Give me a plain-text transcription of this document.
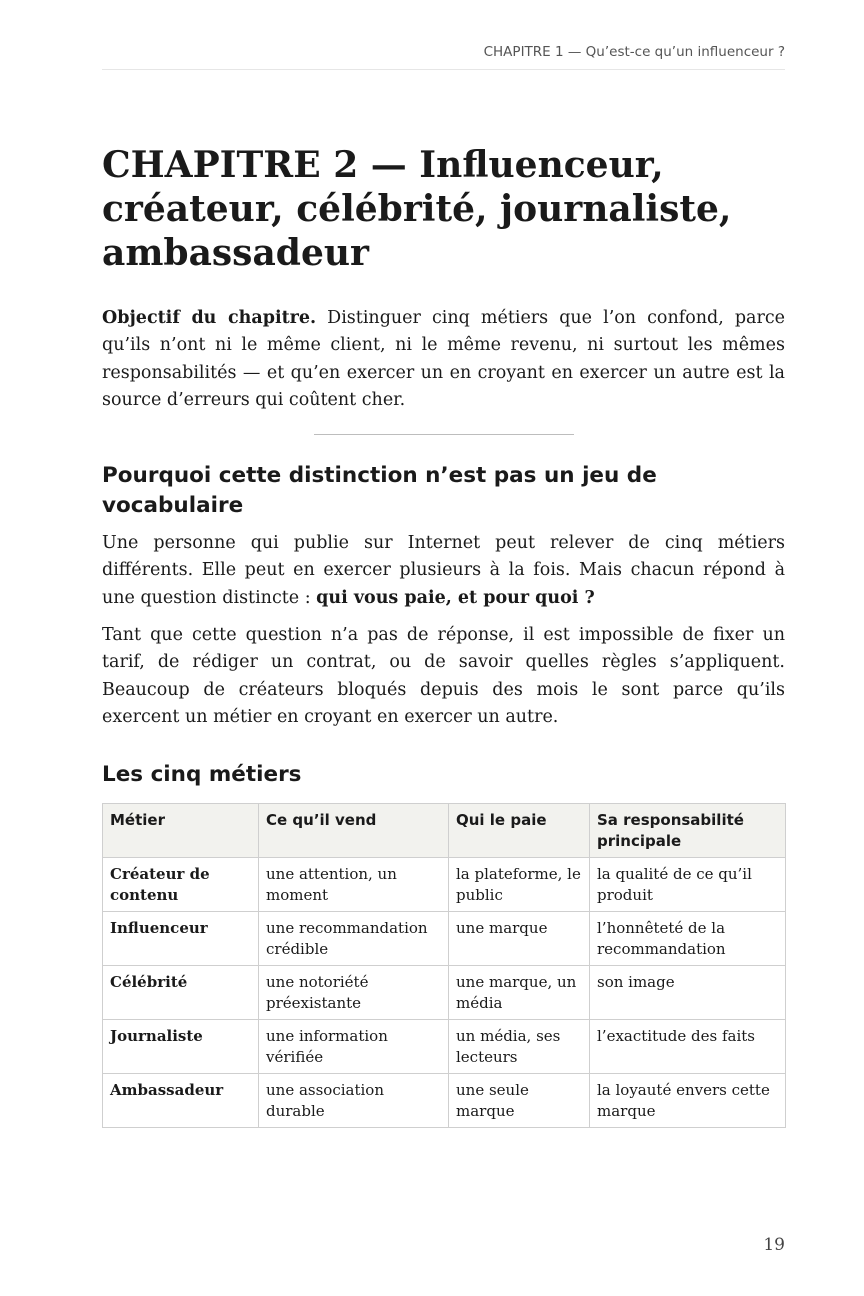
CHAPITRE 1 — Qu’est-ce qu’un influenceur ?
CHAPITRE 2 — Influenceur, créateur, célébrité, journaliste, ambassadeur

Objectif du chapitre. Distinguer cinq métiers que l’on confond, parce qu’ils n’ont ni le même client, ni le même revenu, ni surtout les mêmes responsabilités — et qu’en exercer un en croyant en exercer un autre est la source d’erreurs qui coûtent cher.

Pourquoi cette distinction n’est pas un jeu de vocabulaire

Une personne qui publie sur Internet peut relever de cinq métiers différents. Elle peut en exercer plusieurs à la fois. Mais chacun répond à une question distincte : qui vous paie, et pour quoi ?

Tant que cette question n’a pas de réponse, il est impossible de fixer un tarif, de rédiger un contrat, ou de savoir quelles règles s’appliquent. Beaucoup de créateurs bloqués depuis des mois le sont parce qu’ils exercent un métier en croyant en exercer un autre.

Les cinq métiers
Métier	Ce qu’il vend	Qui le paie	Sa responsabilité principale
Créateur de contenu	une attention, un moment	la plateforme, le public	la qualité de ce qu’il produit
Influenceur	une recommandation crédible	une marque	l’honnêteté de la recommandation
Célébrité	une notoriété préexistante	une marque, un média	son image
Journaliste	une information vérifiée	un média, ses lecteurs	l’exactitude des faits
Ambassadeur	une association durable	une seule marque	la loyauté envers cette marque
19
